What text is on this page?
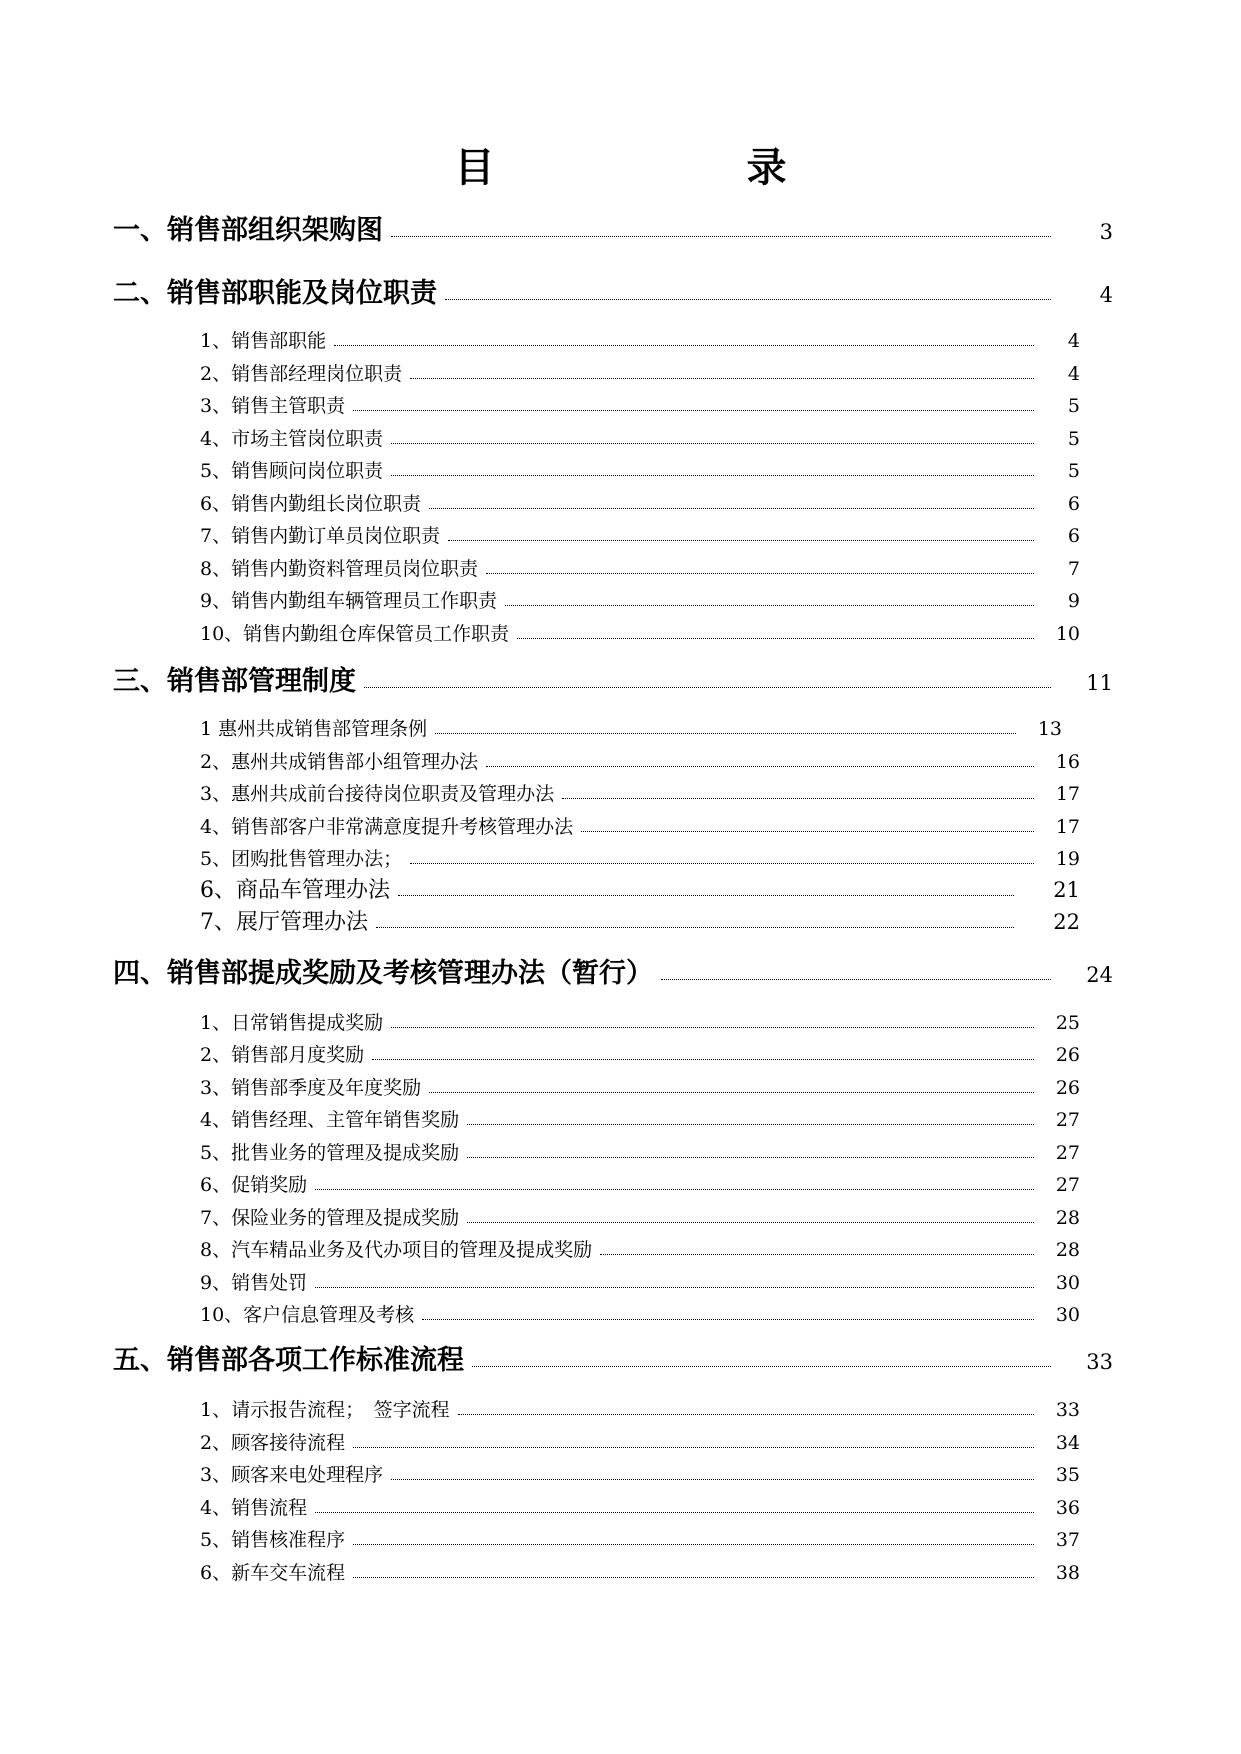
目　录
一、销售部组织架购图	3
二、销售部职能及岗位职责	4
1、销售部职能	4
2、销售部经理岗位职责	4
3、销售主管职责	5
4、市场主管岗位职责	5
5、销售顾问岗位职责	5
6、销售内勤组长岗位职责	6
7、销售内勤订单员岗位职责	6
8、销售内勤资料管理员岗位职责	7
9、销售内勤组车辆管理员工作职责	9
10、销售内勤组仓库保管员工作职责	10
三、销售部管理制度	11
1 惠州共成销售部管理条例	13
2、惠州共成销售部小组管理办法	16
3、惠州共成前台接待岗位职责及管理办法	17
4、销售部客户非常满意度提升考核管理办法	17
5、团购批售管理办法；	19
6、商品车管理办法	21
7、展厅管理办法	22
四、销售部提成奖励及考核管理办法（暂行）	24
1、日常销售提成奖励	25
2、销售部月度奖励	26
3、销售部季度及年度奖励	26
4、销售经理、主管年销售奖励	27
5、批售业务的管理及提成奖励	27
6、促销奖励	27
7、保险业务的管理及提成奖励	28
8、汽车精品业务及代办项目的管理及提成奖励	28
9、销售处罚	30
10、客户信息管理及考核	30
五、销售部各项工作标准流程	33
1、请示报告流程；　签字流程	33
2、顾客接待流程	34
3、顾客来电处理程序	35
4、销售流程	36
5、销售核准程序	37
6、新车交车流程	38
